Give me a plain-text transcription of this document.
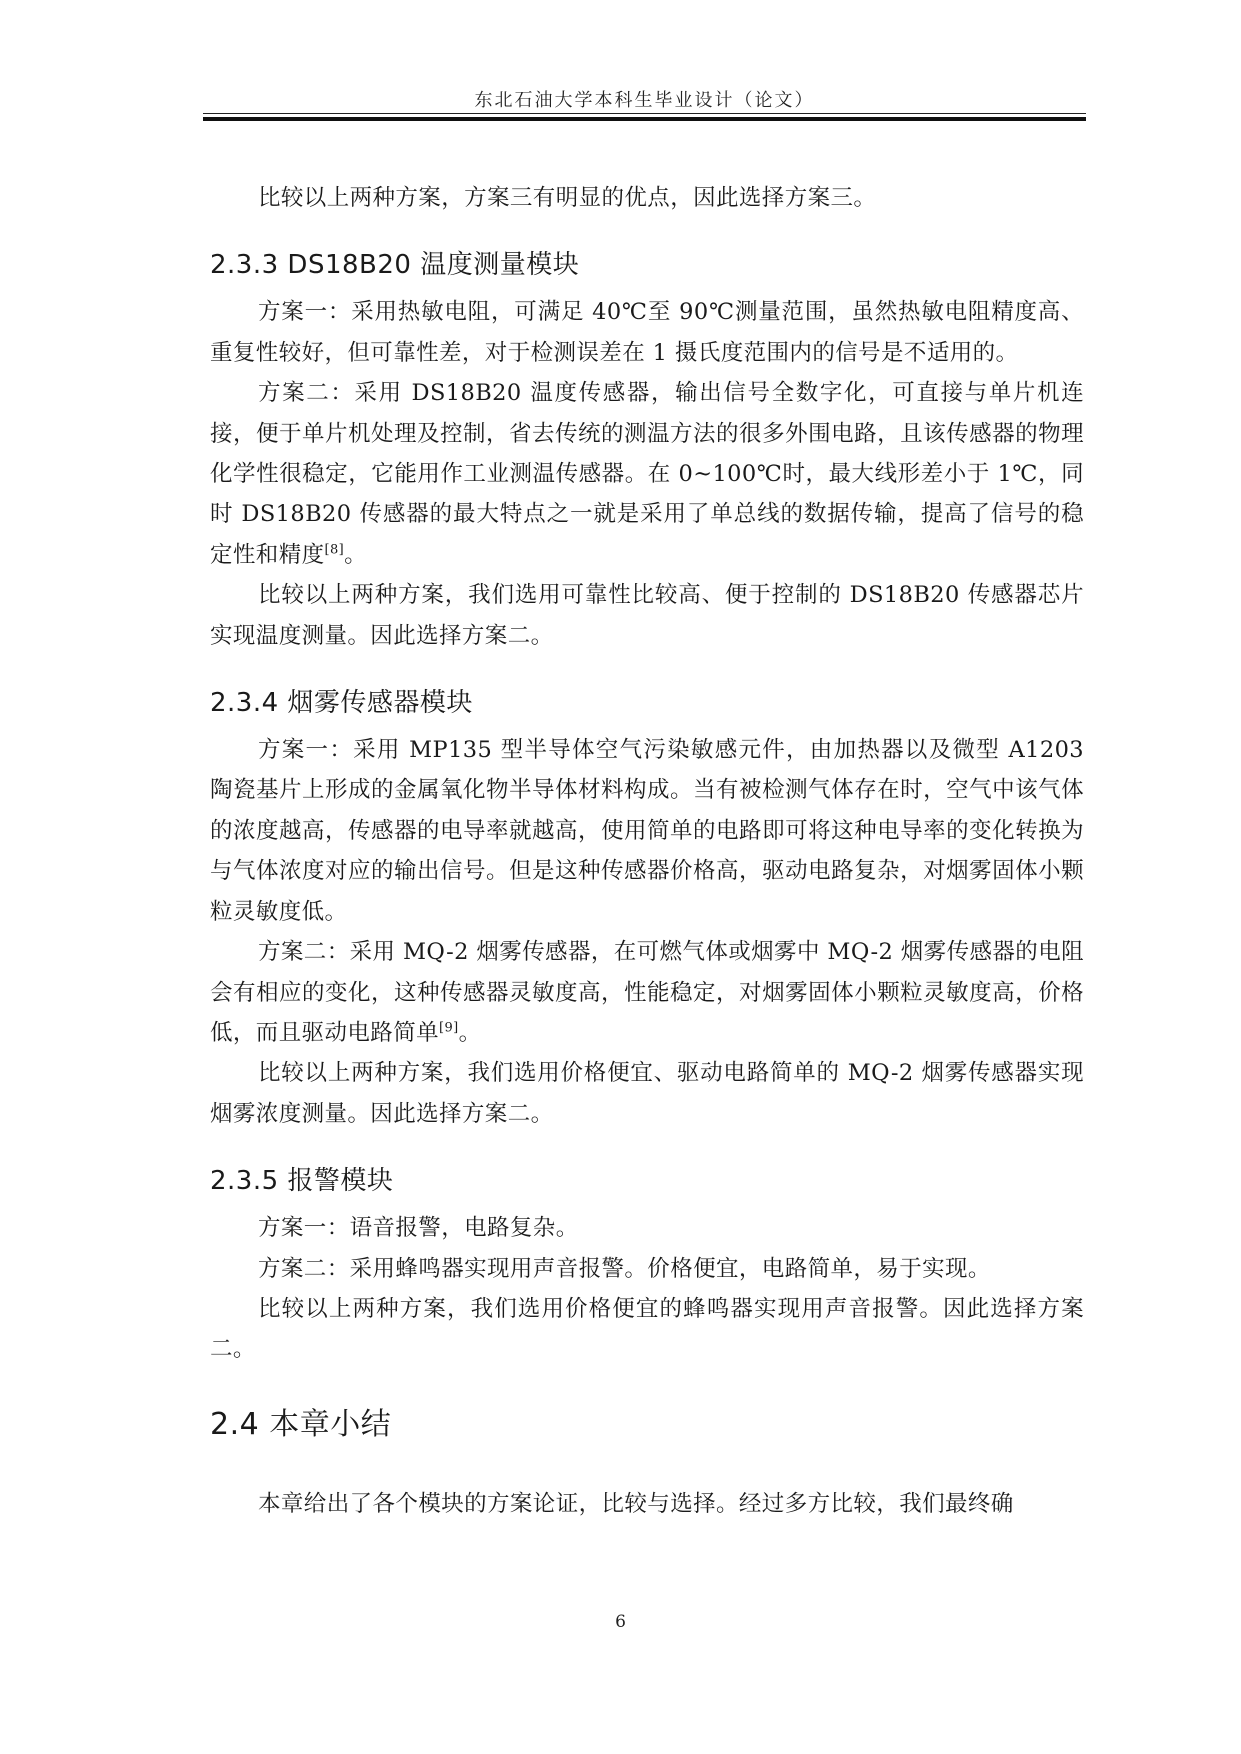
东北石油大学本科生毕业设计（论文）

比较以上两种方案，方案三有明显的优点，因此选择方案三。

2.3.3 DS18B20 温度测量模块

方案一：采用热敏电阻，可满足 40℃至 90℃测量范围，虽然热敏电阻精度高、重复性较好，但可靠性差，对于检测误差在 1 摄氏度范围内的信号是不适用的。

方案二：采用 DS18B20 温度传感器，输出信号全数字化，可直接与单片机连接，便于单片机处理及控制，省去传统的测温方法的很多外围电路，且该传感器的物理化学性很稳定，它能用作工业测温传感器。在 0~100℃时，最大线形差小于 1℃，同时 DS18B20 传感器的最大特点之一就是采用了单总线的数据传输，提高了信号的稳定性和精度[8]。

比较以上两种方案，我们选用可靠性比较高、便于控制的 DS18B20 传感器芯片实现温度测量。因此选择方案二。

2.3.4 烟雾传感器模块

方案一：采用 MP135 型半导体空气污染敏感元件，由加热器以及微型 A1203 陶瓷基片上形成的金属氧化物半导体材料构成。当有被检测气体存在时，空气中该气体的浓度越高，传感器的电导率就越高，使用简单的电路即可将这种电导率的变化转换为与气体浓度对应的输出信号。但是这种传感器价格高，驱动电路复杂，对烟雾固体小颗粒灵敏度低。

方案二：采用 MQ-2 烟雾传感器，在可燃气体或烟雾中 MQ-2 烟雾传感器的电阻会有相应的变化，这种传感器灵敏度高，性能稳定，对烟雾固体小颗粒灵敏度高，价格低，而且驱动电路简单[9]。

比较以上两种方案，我们选用价格便宜、驱动电路简单的 MQ-2 烟雾传感器实现烟雾浓度测量。因此选择方案二。

2.3.5 报警模块

方案一：语音报警，电路复杂。

方案二：采用蜂鸣器实现用声音报警。价格便宜，电路简单，易于实现。

比较以上两种方案，我们选用价格便宜的蜂鸣器实现用声音报警。因此选择方案二。

2.4 本章小结

本章给出了各个模块的方案论证，比较与选择。经过多方比较，我们最终确

6
